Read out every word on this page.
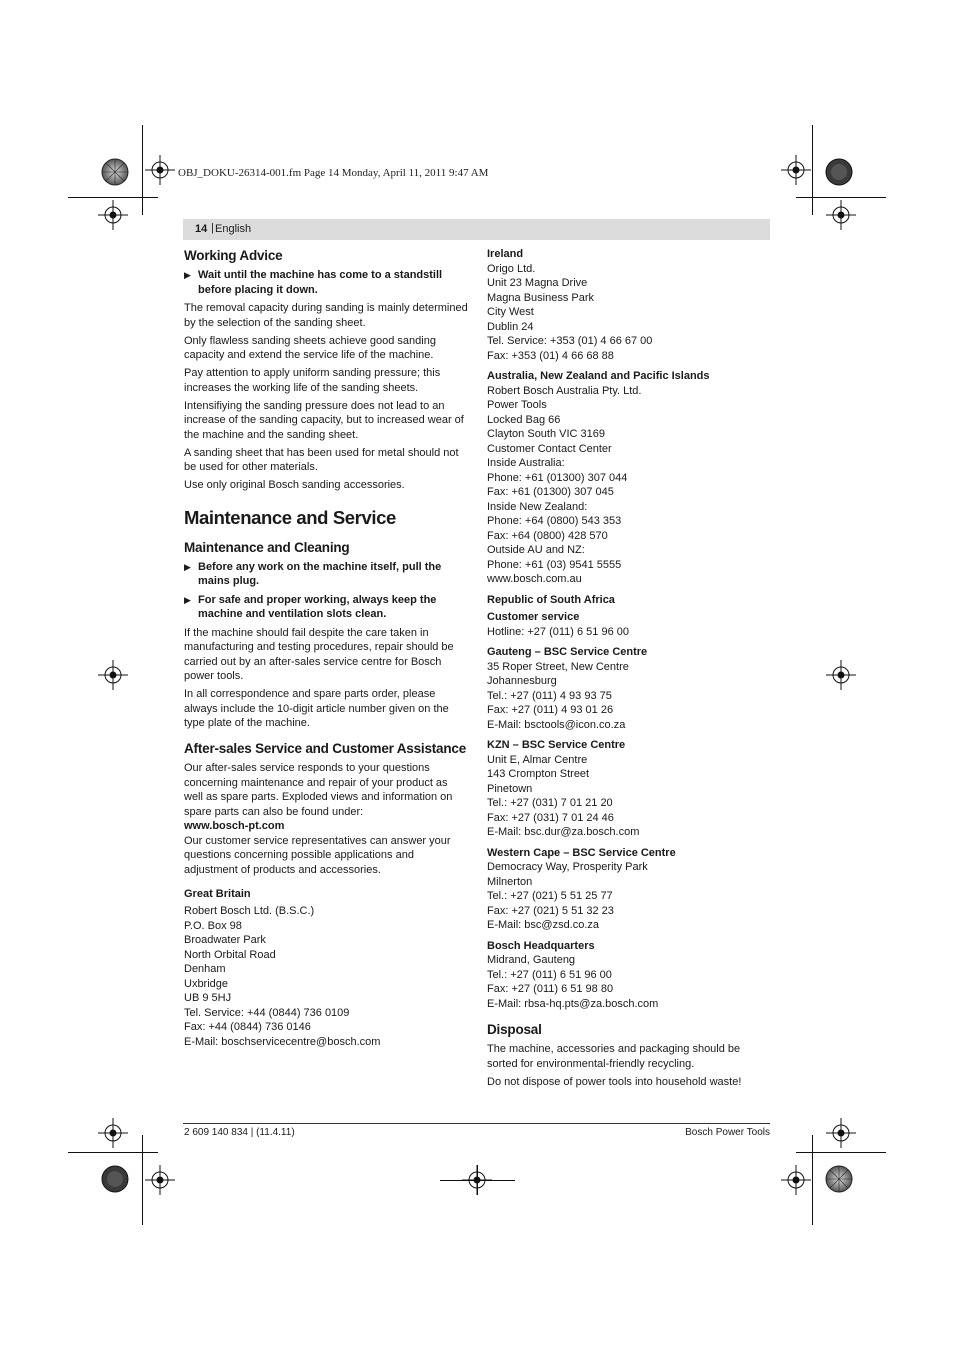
OBJ_DOKU-26314-001.fm Page 14 Monday, April 11, 2011 9:47 AM
14 | English
Working Advice
▶ Wait until the machine has come to a standstill before placing it down.

The removal capacity during sanding is mainly determined by the selection of the sanding sheet.

Only flawless sanding sheets achieve good sanding capacity and extend the service life of the machine.

Pay attention to apply uniform sanding pressure; this increases the working life of the sanding sheets.

Intensifiying the sanding pressure does not lead to an increase of the sanding capacity, but to increased wear of the machine and the sanding sheet.

A sanding sheet that has been used for metal should not be used for other materials.

Use only original Bosch sanding accessories.

Maintenance and Service
Maintenance and Cleaning
▶ Before any work on the machine itself, pull the mains plug.
▶ For safe and proper working, always keep the machine and ventilation slots clean.

If the machine should fail despite the care taken in manufacturing and testing procedures, repair should be carried out by an after-sales service centre for Bosch power tools.

In all correspondence and spare parts order, please always include the 10-digit article number given on the type plate of the machine.

After-sales Service and Customer Assistance

Our after-sales service responds to your questions concerning maintenance and repair of your product as well as spare parts. Exploded views and information on spare parts can also be found under:

www.bosch-pt.com

Our customer service representatives can answer your questions concerning possible applications and adjustment of products and accessories.

Great Britain
Robert Bosch Ltd. (B.S.C.)
P.O. Box 98
Broadwater Park
North Orbital Road
Denham
Uxbridge
UB 9 5HJ
Tel. Service: +44 (0844) 736 0109
Fax: +44 (0844) 736 0146
E-Mail: boschservicecentre@bosch.com
Ireland
Origo Ltd.
Unit 23 Magna Drive
Magna Business Park
City West
Dublin 24
Tel. Service: +353 (01) 4 66 67 00
Fax: +353 (01) 4 66 68 88
Australia, New Zealand and Pacific Islands
Robert Bosch Australia Pty. Ltd.
Power Tools
Locked Bag 66
Clayton South VIC 3169
Customer Contact Center
Inside Australia:
Phone: +61 (01300) 307 044
Fax: +61 (01300) 307 045
Inside New Zealand:
Phone: +64 (0800) 543 353
Fax: +64 (0800) 428 570
Outside AU and NZ:
Phone: +61 (03) 9541 5555
www.bosch.com.au
Republic of South Africa
Customer service
Hotline: +27 (011) 6 51 96 00
Gauteng – BSC Service Centre
35 Roper Street, New Centre
Johannesburg
Tel.: +27 (011) 4 93 93 75
Fax: +27 (011) 4 93 01 26
E-Mail: bsctools@icon.co.za
KZN – BSC Service Centre
Unit E, Almar Centre
143 Crompton Street
Pinetown
Tel.: +27 (031) 7 01 21 20
Fax: +27 (031) 7 01 24 46
E-Mail: bsc.dur@za.bosch.com
Western Cape – BSC Service Centre
Democracy Way, Prosperity Park
Milnerton
Tel.: +27 (021) 5 51 25 77
Fax: +27 (021) 5 51 32 23
E-Mail: bsc@zsd.co.za
Bosch Headquarters
Midrand, Gauteng
Tel.: +27 (011) 6 51 96 00
Fax: +27 (011) 6 51 98 80
E-Mail: rbsa-hq.pts@za.bosch.com
Disposal

The machine, accessories and packaging should be sorted for environmental-friendly recycling.

Do not dispose of power tools into household waste!

2 609 140 834 | (11.4.11)	Bosch Power Tools
